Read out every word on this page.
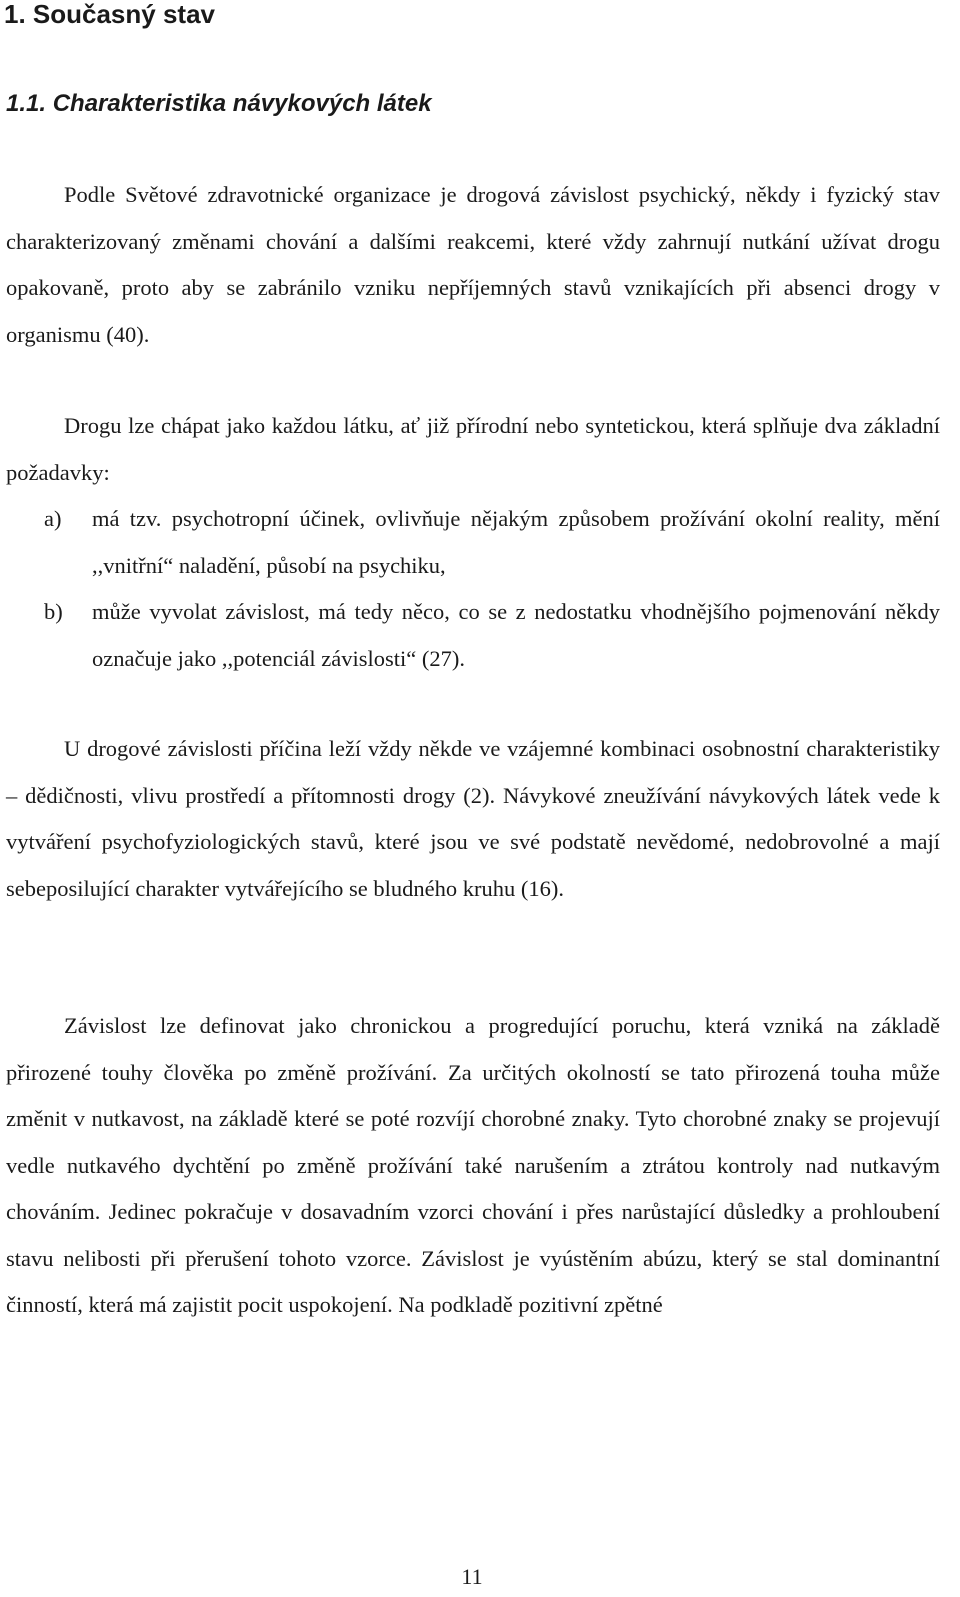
1. Současný stav
1.1. Charakteristika návykových látek

Podle Světové zdravotnické organizace je drogová závislost psychický, někdy i fyzický stav charakterizovaný změnami chování a dalšími reakcemi, které vždy zahrnují nutkání užívat drogu opakovaně, proto aby se zabránilo vzniku nepříjemných stavů vznikajících při absenci drogy v organismu (40).

Drogu lze chápat jako každou látku, ať již přírodní nebo syntetickou, která splňuje dva základní požadavky:

a) má tzv. psychotropní účinek, ovlivňuje nějakým způsobem prožívání okolní reality, mění ,,vnitřní“ naladění, působí na psychiku,
b) může vyvolat závislost, má tedy něco, co se z nedostatku vhodnějšího pojmenování někdy označuje jako ,,potenciál závislosti“ (27).

U drogové závislosti příčina leží vždy někde ve vzájemné kombinaci osobnostní charakteristiky – dědičnosti, vlivu prostředí a přítomnosti drogy (2). Návykové zneužívání návykových látek vede k vytváření psychofyziologických stavů, které jsou ve své podstatě nevědomé, nedobrovolné a mají sebeposilující charakter vytvářejícího se bludného kruhu (16).

Závislost lze definovat jako chronickou a progredující poruchu, která vzniká na základě přirozené touhy člověka po změně prožívání. Za určitých okolností se tato přirozená touha může změnit v nutkavost, na základě které se poté rozvíjí chorobné znaky. Tyto chorobné znaky se projevují vedle nutkavého dychtění po změně prožívání také narušením a ztrátou kontroly nad nutkavým chováním. Jedinec pokračuje v dosavadním vzorci chování i přes narůstající důsledky a prohloubení stavu nelibosti při přerušení tohoto vzorce. Závislost je vyústěním abúzu, který se stal dominantní činností, která má zajistit pocit uspokojení. Na podkladě pozitivní zpětné

11
